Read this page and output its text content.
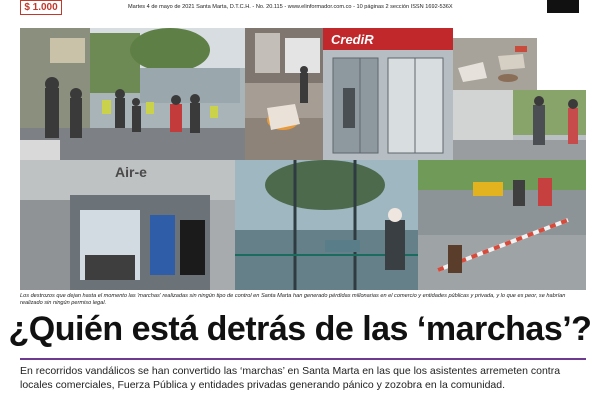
$ 1.000	Martes 4 de mayo de 2021 Santa Marta, D.T.C.H. - No. 20.115 - www.elinformador.com.co - 10 páginas 2 sección ISSN 1692-536X
CrediR
Air-e
Los destrozos que dejan hasta el momento las 'marchas' realizadas sin ningún tipo de control en Santa Marta han generado pérdidas millonarias en el comercio y entidades públicas y privada, y lo que es peor, se habrían realizado sin ningún permiso legal.
¿Quién está detrás de las ‘marchas’?
En recorridos vandálicos se han convertido las ‘marchas’ en Santa Marta en las que los asistentes arremeten contra locales comerciales, Fuerza Pública y entidades privadas generando pánico y zozobra en la comunidad.
